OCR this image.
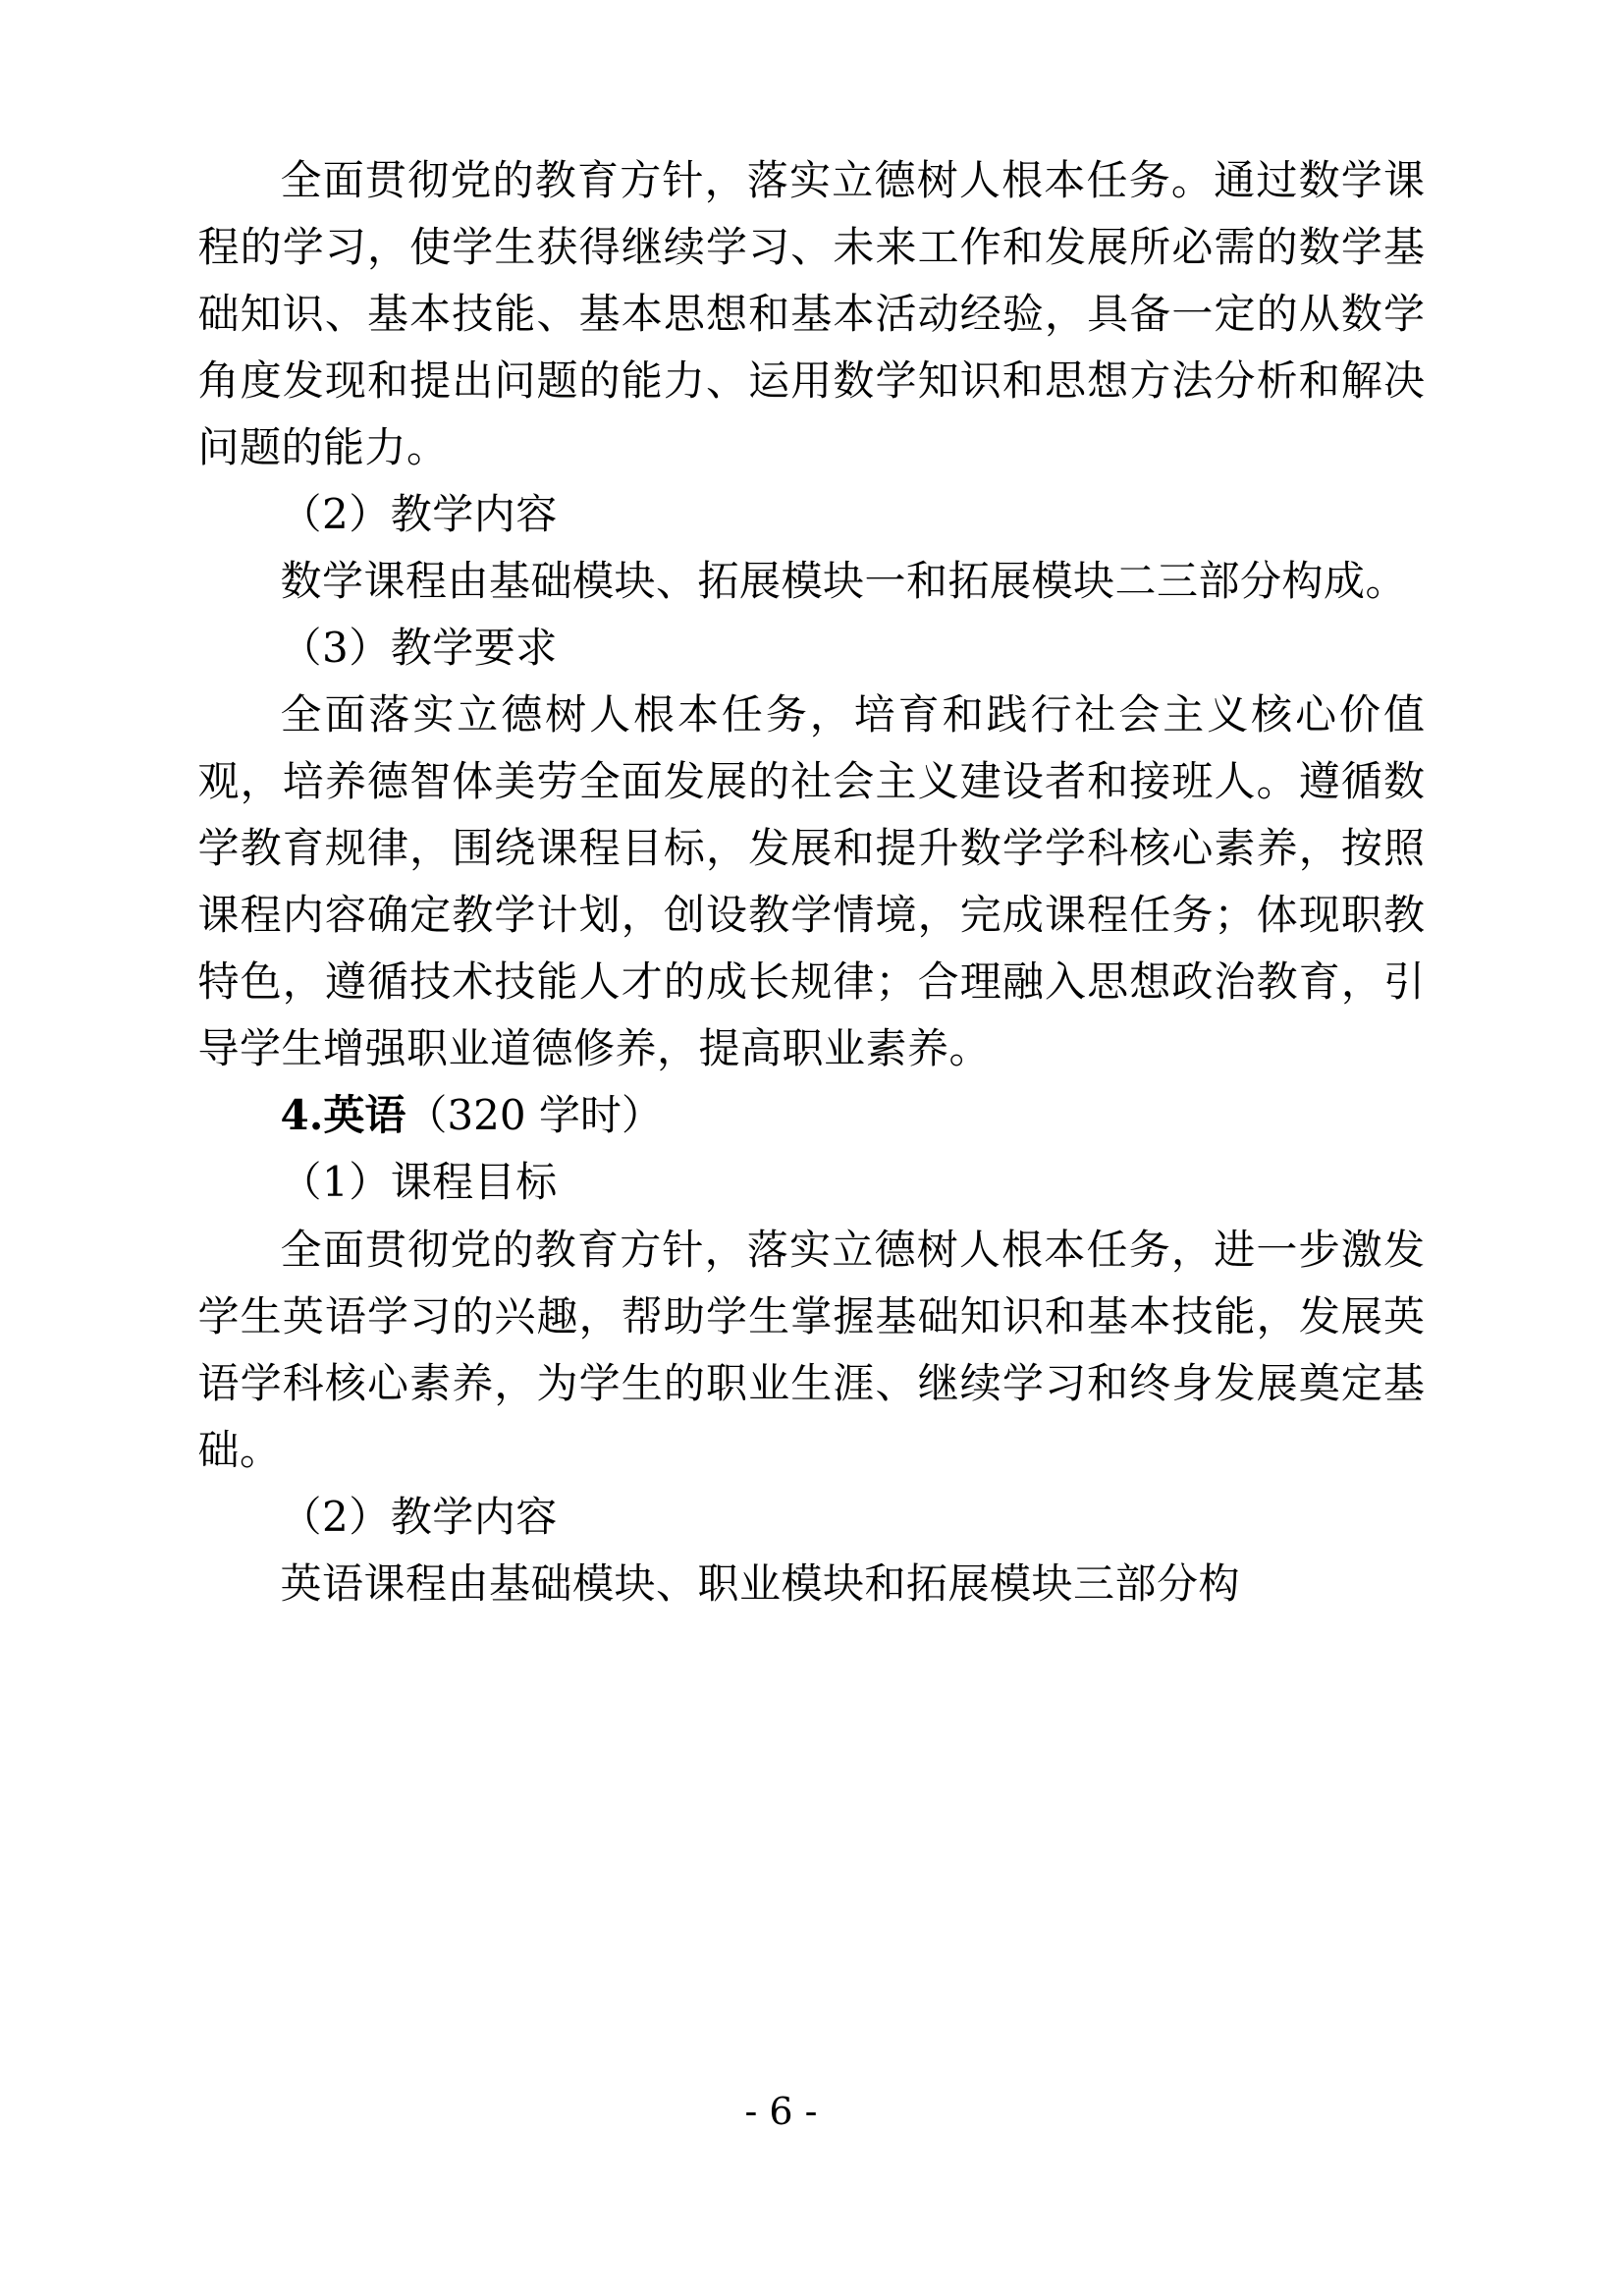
全面贯彻党的教育方针，落实立德树人根本任务。通过数学课程的学习，使学生获得继续学习、未来工作和发展所必需的数学基础知识、基本技能、基本思想和基本活动经验，具备一定的从数学角度发现和提出问题的能力、运用数学知识和思想方法分析和解决问题的能力。

（2）教学内容

数学课程由基础模块、拓展模块一和拓展模块二三部分构成。

（3）教学要求

全面落实立德树人根本任务，培育和践行社会主义核心价值观，培养德智体美劳全面发展的社会主义建设者和接班人。遵循数学教育规律，围绕课程目标，发展和提升数学学科核心素养，按照课程内容确定教学计划，创设教学情境，完成课程任务；体现职教特色，遵循技术技能人才的成长规律；合理融入思想政治教育，引导学生增强职业道德修养，提高职业素养。

4.英语（320 学时）

（1）课程目标

全面贯彻党的教育方针，落实立德树人根本任务，进一步激发学生英语学习的兴趣，帮助学生掌握基础知识和基本技能，发展英语学科核心素养，为学生的职业生涯、继续学习和终身发展奠定基础。

（2）教学内容

英语课程由基础模块、职业模块和拓展模块三部分构

- 6 -
